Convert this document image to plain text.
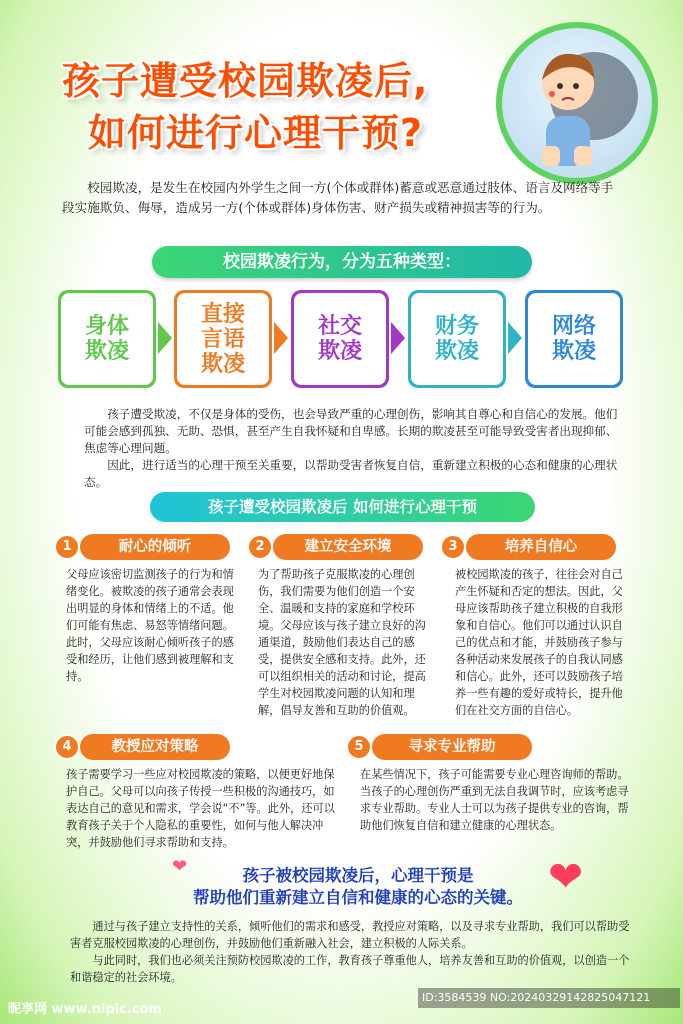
孩子遭受校园欺凌后,
如何进行心理干预?
校园欺凌，是发生在校园内外学生之间一方(个体或群体)蓄意或恶意通过肢体、语言及网络等手段实施欺负、侮辱，造成另一方(个体或群体)身体伤害、财产损失或精神损害等的行为。
校园欺凌行为，分为五种类型：
身体欺凌
直接言语欺凌
社交欺凌
财务欺凌
网络欺凌
孩子遭受欺凌，不仅是身体的受伤，也会导致严重的心理创伤，影响其自尊心和自信心的发展。他们可能会感到孤独、无助、恐惧，甚至产生自我怀疑和自卑感。长期的欺凌甚至可能导致受害者出现抑郁、焦虑等心理问题。
因此，进行适当的心理干预至关重要，以帮助受害者恢复自信，重新建立积极的心态和健康的心理状态。
孩子遭受校园欺凌后 如何进行心理干预
1	耐心的倾听
父母应该密切监测孩子的行为和情绪变化。被欺凌的孩子通常会表现出明显的身体和情绪上的不适。他们可能有焦虑、易怒等情绪问题。此时，父母应该耐心倾听孩子的感受和经历，让他们感到被理解和支持。
2	建立安全环境
为了帮助孩子克服欺凌的心理创伤，我们需要为他们创造一个安全、温暖和支持的家庭和学校环境。父母应该与孩子建立良好的沟通渠道，鼓励他们表达自己的感受，提供安全感和支持。此外，还可以组织相关的活动和讨论，提高学生对校园欺凌问题的认知和理解，倡导友善和互助的价值观。
3	培养自信心
被校园欺凌的孩子，往往会对自己产生怀疑和否定的想法。因此，父母应该帮助孩子建立积极的自我形象和自信心。他们可以通过认识自己的优点和才能，并鼓励孩子参与各种活动来发展孩子的自我认同感和信心。此外，还可以鼓励孩子培养一些有趣的爱好或特长，提升他们在社交方面的自信心。
4	教授应对策略
孩子需要学习一些应对校园欺凌的策略，以便更好地保护自己。父母可以向孩子传授一些积极的沟通技巧，如表达自己的意见和需求，学会说“不”等。此外，还可以教育孩子关于个人隐私的重要性，如何与他人解决冲突，并鼓励他们寻求帮助和支持。
5	寻求专业帮助
在某些情况下，孩子可能需要专业心理咨询师的帮助。当孩子的心理创伤严重到无法自我调节时，应该考虑寻求专业帮助。专业人士可以为孩子提供专业的咨询，帮助他们恢复自信和建立健康的心理状态。
❤	❤
孩子被校园欺凌后，心理干预是
帮助他们重新建立自信和健康的心态的关键。
通过与孩子建立支持性的关系，倾听他们的需求和感受，教授应对策略，以及寻求专业帮助，我们可以帮助受害者克服校园欺凌的心理创伤，并鼓励他们重新融入社会，建立积极的人际关系。
与此同时，我们也必须关注预防校园欺凌的工作，教育孩子尊重他人，培养友善和互助的价值观，以创造一个和谐稳定的社会环境。
昵享网 www.nipic.com
ID:3584539 NO:20240329142825047121
